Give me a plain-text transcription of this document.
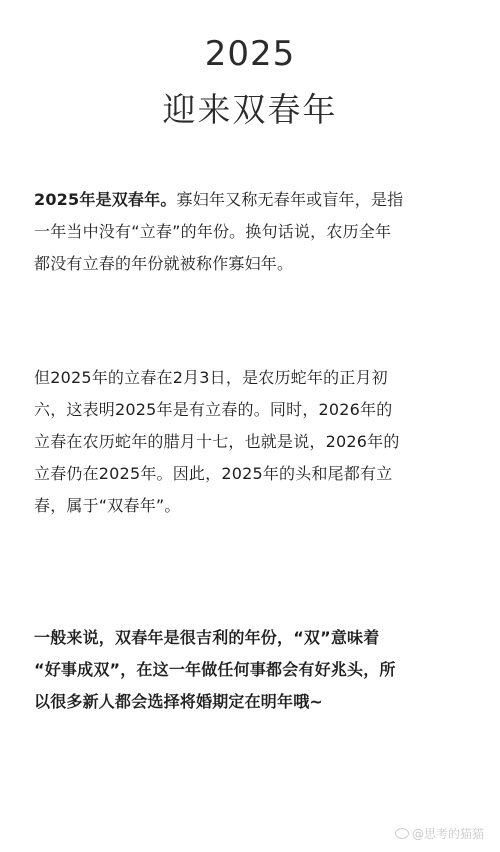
2025
迎来双春年
2025年是双春年。寡妇年又称无春年或盲年，是指
一年当中没有“立春”的年份。换句话说，农历全年
都没有立春的年份就被称作寡妇年。
但2025年的立春在2月3日，是农历蛇年的正月初
六，这表明2025年是有立春的。同时，2026年的
立春在农历蛇年的腊月十七，也就是说，2026年的
立春仍在2025年。因此，2025年的头和尾都有立
春，属于“双春年”。
一般来说，双春年是很吉利的年份，“双”意味着
“好事成双”，在这一年做任何事都会有好兆头，所
以很多新人都会选择将婚期定在明年哦~
@思考的猫猫
